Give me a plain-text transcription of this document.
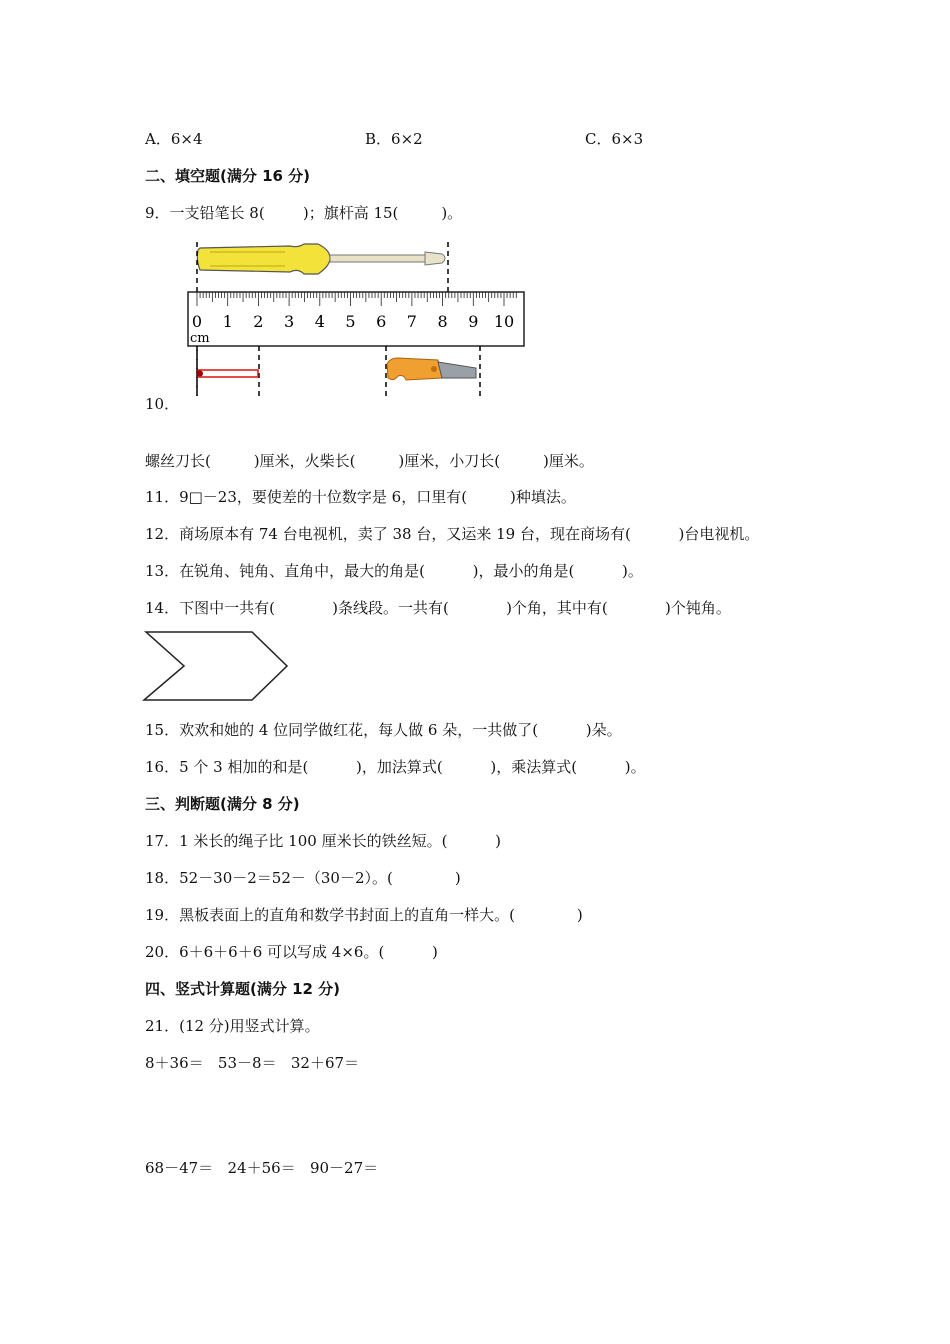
A．6×4	B．6×2	C．6×3
二、填空题(满分 16 分)
9．一支铅笔长 8(        )；旗杆高 15(         )。
0 1 2 3 4 5 6 7 8 9 10
cm
10．
螺丝刀长(         )厘米，火柴长(         )厘米，小刀长(         )厘米。
11．9□－23，要使差的十位数字是 6，口里有(         )种填法。
12．商场原本有 74 台电视机，卖了 38 台，又运来 19 台，现在商场有(          )台电视机。
13．在锐角、钝角、直角中，最大的角是(          )，最小的角是(          )。
14．下图中一共有(            )条线段。一共有(            )个角，其中有(            )个钝角。
15．欢欢和她的 4 位同学做红花，每人做 6 朵，一共做了(          )朵。
16．5 个 3 相加的和是(          )，加法算式(          )，乘法算式(          )。
三、判断题(满分 8 分)
17．1 米长的绳子比 100 厘米长的铁丝短。(          )
18．52－30－2＝52－（30－2）。(             )
19．黑板表面上的直角和数学书封面上的直角一样大。(             )
20．6＋6＋6＋6 可以写成 4×6。(          )
四、竖式计算题(满分 12 分)
21．(12 分)用竖式计算。
8＋36＝   53－8＝   32＋67＝
68－47＝   24＋56＝   90－27＝
